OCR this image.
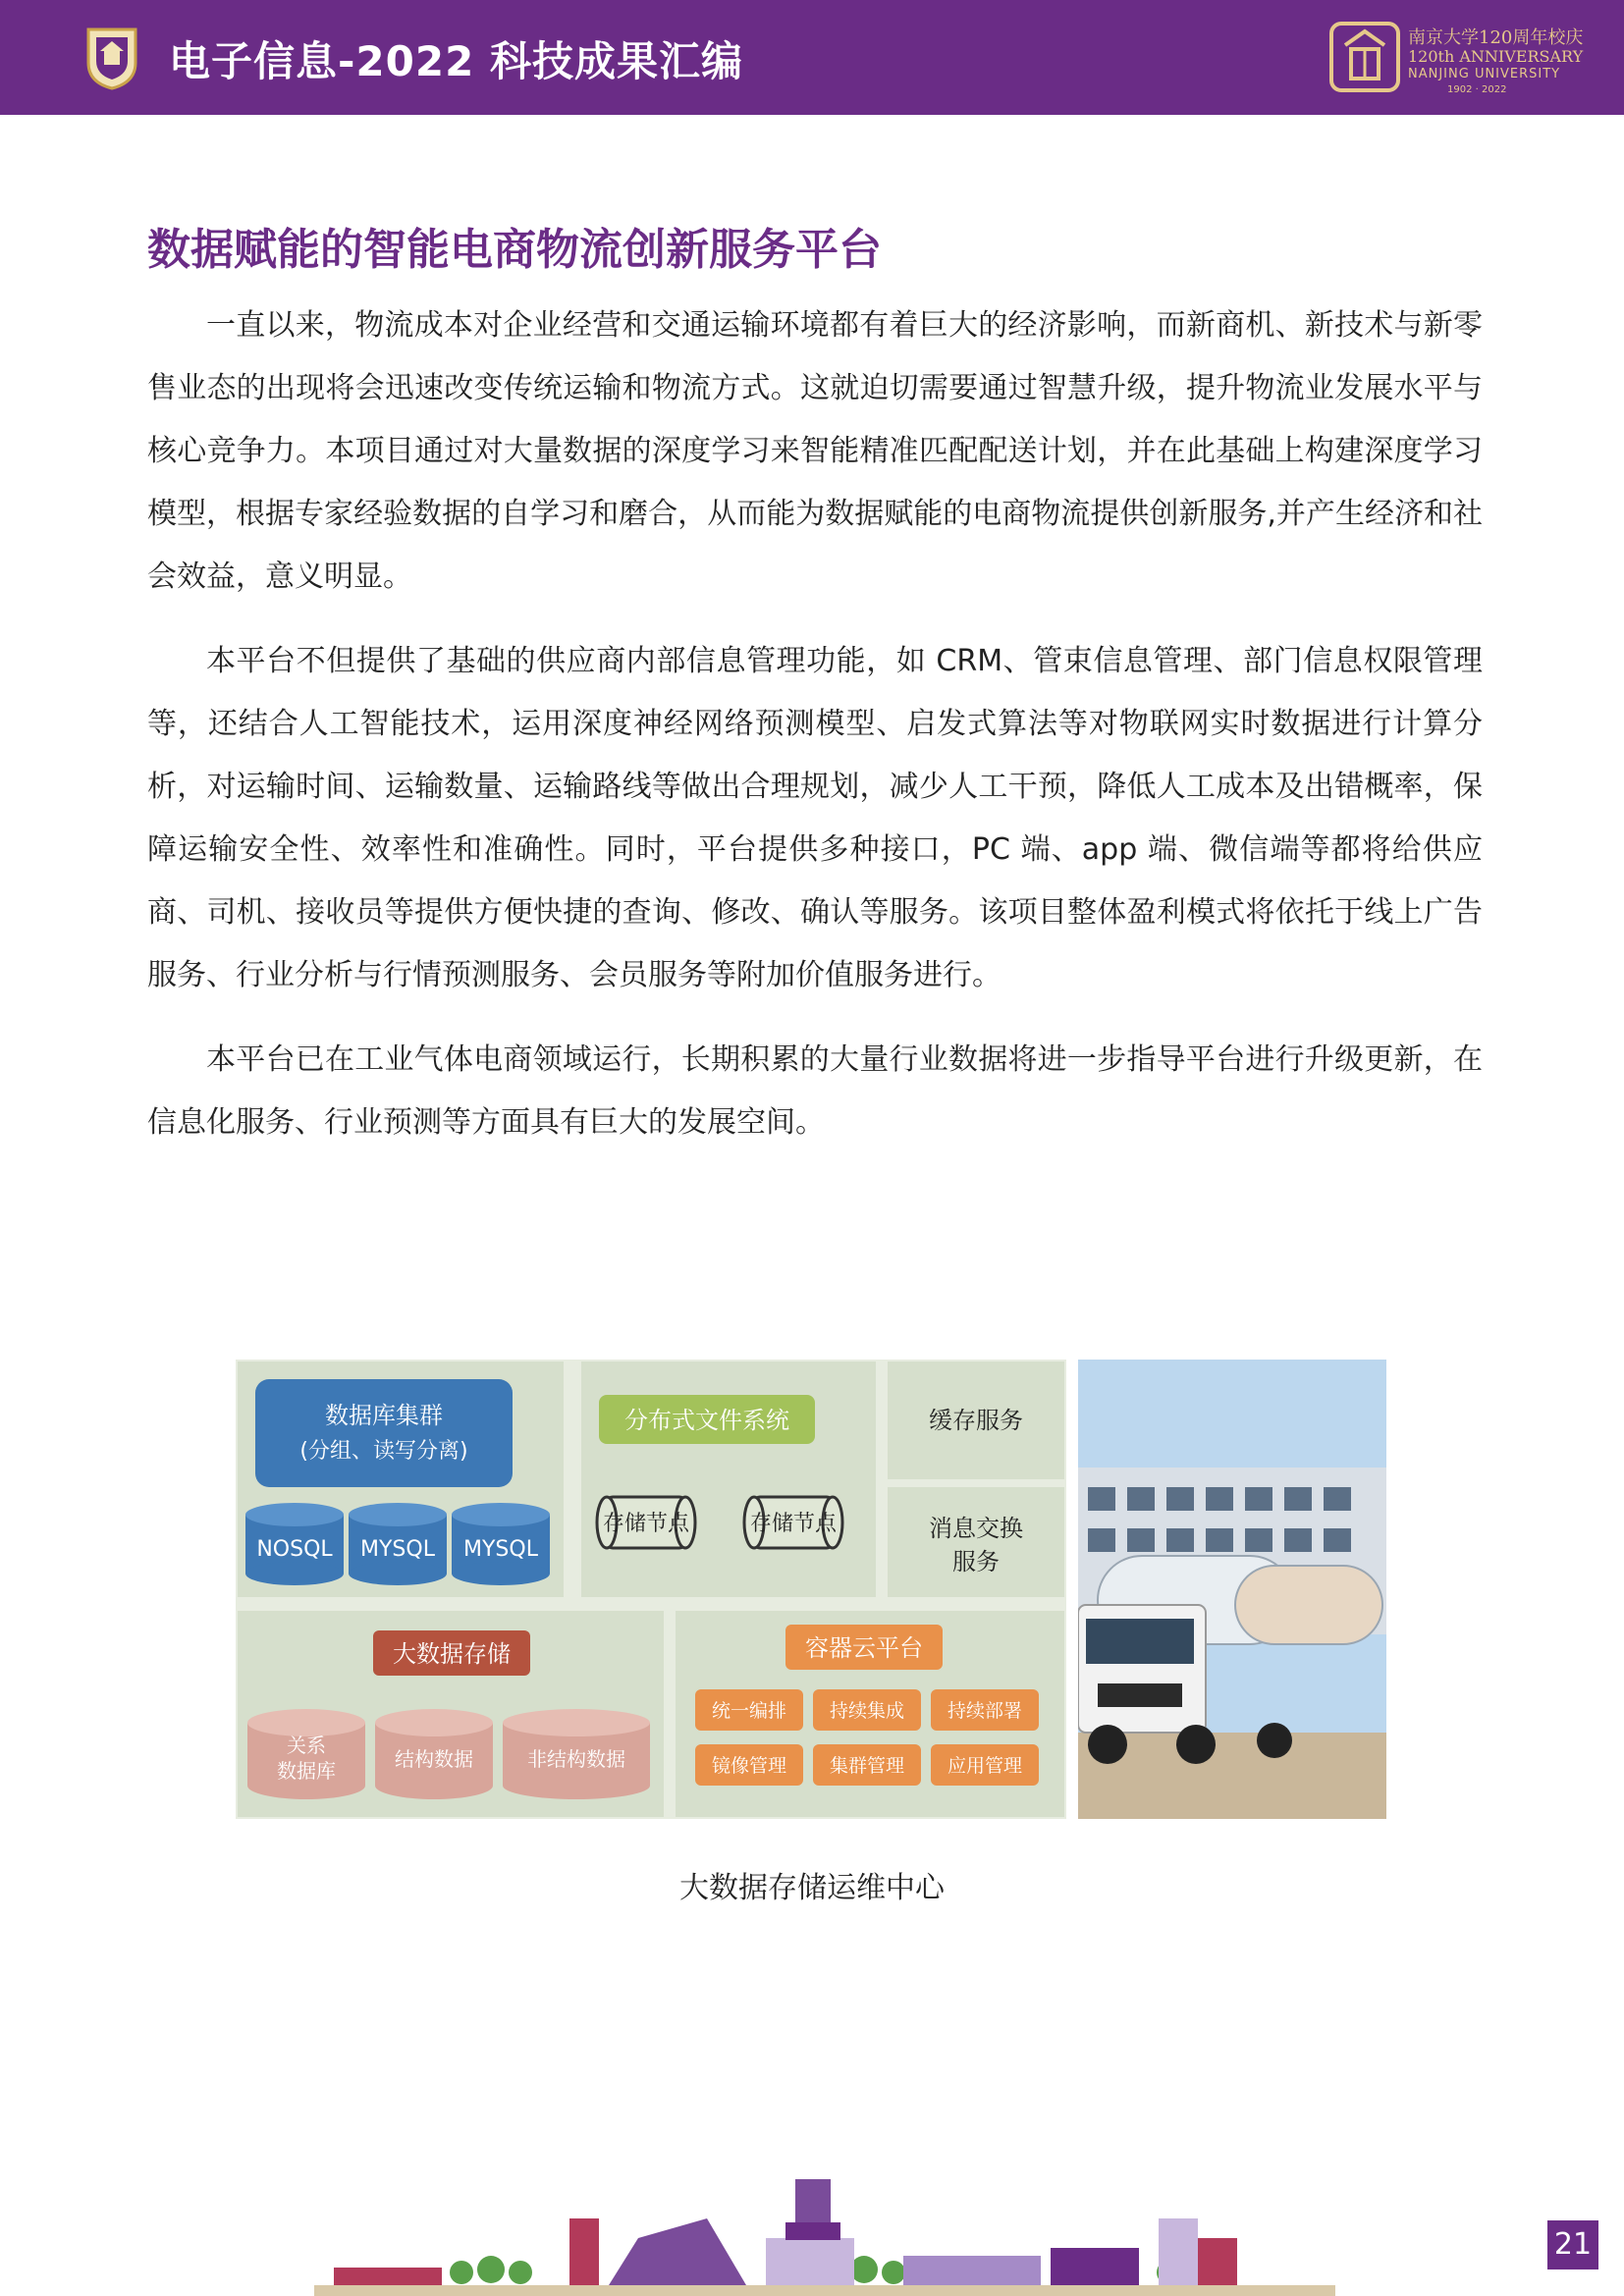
电子信息-2022 科技成果汇编	南京大学120周年校庆
120th ANNIVERSARY
NANJING UNIVERSITY
1902 · 2022
数据赋能的智能电商物流创新服务平台

一直以来，物流成本对企业经营和交通运输环境都有着巨大的经济影响，而新商机、新技术与新零售业态的出现将会迅速改变传统运输和物流方式。这就迫切需要通过智慧升级，提升物流业发展水平与核心竞争力。本项目通过对大量数据的深度学习来智能精准匹配配送计划，并在此基础上构建深度学习模型，根据专家经验数据的自学习和磨合，从而能为数据赋能的电商物流提供创新服务,并产生经济和社会效益，意义明显。

本平台不但提供了基础的供应商内部信息管理功能，如 CRM、管束信息管理、部门信息权限管理等，还结合人工智能技术，运用深度神经网络预测模型、启发式算法等对物联网实时数据进行计算分析，对运输时间、运输数量、运输路线等做出合理规划，减少人工干预，降低人工成本及出错概率，保障运输安全性、效率性和准确性。同时，平台提供多种接口，PC 端、app 端、微信端等都将给供应商、司机、接收员等提供方便快捷的查询、修改、确认等服务。该项目整体盈利模式将依托于线上广告服务、行业分析与行情预测服务、会员服务等附加价值服务进行。

本平台已在工业气体电商领域运行，长期积累的大量行业数据将进一步指导平台进行升级更新，在信息化服务、行业预测等方面具有巨大的发展空间。

数据库集群
(分组、读写分离)
NOSQL MYSQL MYSQL
分布式文件系统
存储节点	存储节点
缓存服务
消息交换
服务
大数据存储
关系
数据库	结构数据	非结构数据
容器云平台
统一编排 持续集成 持续部署
镜像管理 集群管理 应用管理
大数据存储运维中心
21
